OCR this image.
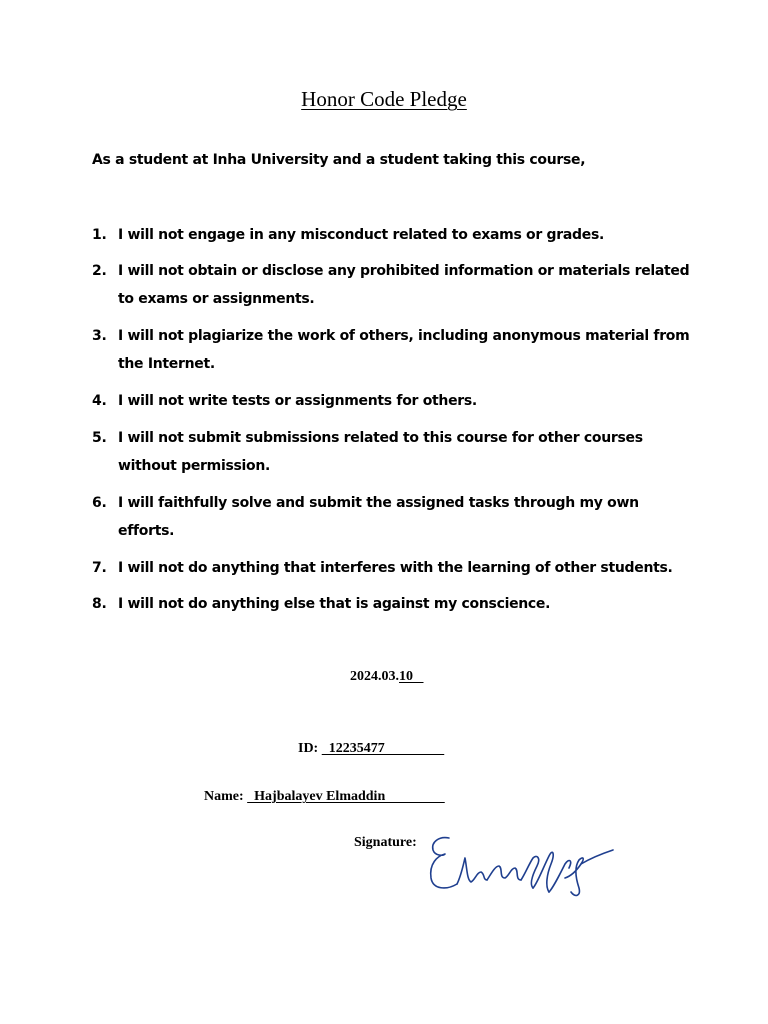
Honor Code Pledge
As a student at Inha University and a student taking this course,
1. I will not engage in any misconduct related to exams or grades.
2. I will not obtain or disclose any prohibited information or materials related to exams or assignments.
3. I will not plagiarize the work of others, including anonymous material from the Internet.
4. I will not write tests or assignments for others.
5. I will not submit submissions related to this course for other courses without permission.
6. I will faithfully solve and submit the assigned tasks through my own efforts.
7. I will not do anything that interferes with the learning of other students.
8. I will not do anything else that is against my conscience.
2024.03.10
ID:   12235477
Name:   Hajbalayev Elmaddin
Signature:
